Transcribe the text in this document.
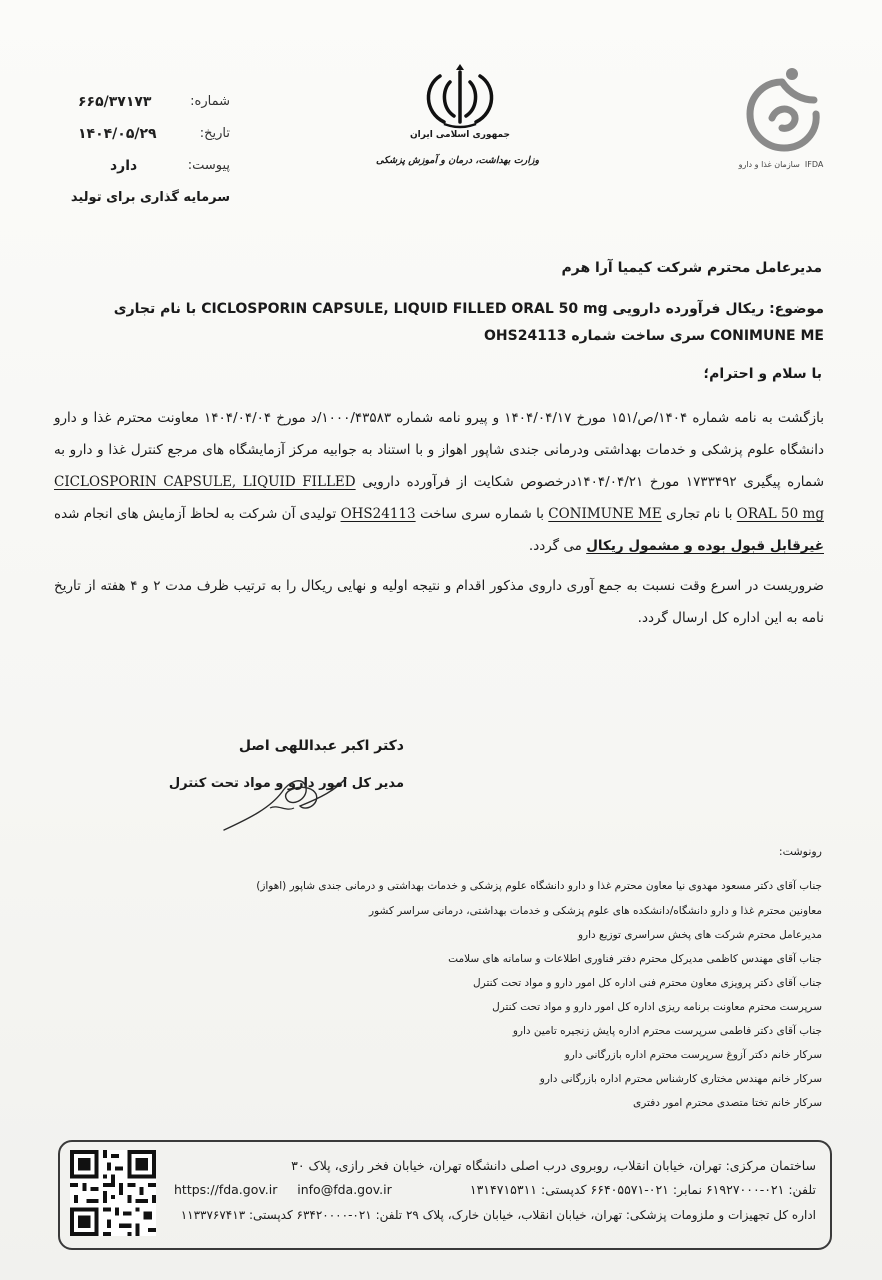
شماره:
۶۶۵/۳۷۱۷۳
تاریخ:
۱۴۰۴/۰۵/۲۹
پیوست:
دارد
سرمایه گذاری برای تولید
جمهوری اسلامی ایران
وزارت بهداشت، درمان و آموزش پزشکی	سازمان غذا و دارو IFDA
مدیرعامل محترم شرکت کیمیا آرا هرم
موضوع: ریکال فرآورده دارویی CICLOSPORIN CAPSULE, LIQUID FILLED ORAL 50 mg با نام تجاری CONIMUNE ME سری ساخت شماره OHS24113
با سلام و احترام؛
بازگشت به نامه شماره ۱۴۰۴/ص/۱۵۱ مورخ ۱۴۰۴/۰۴/۱۷ و پیرو نامه شماره ۱۰۰۰/۴۳۵۸۳/د مورخ ۱۴۰۴/۰۴/۰۴ معاونت محترم غذا و دارو دانشگاه علوم پزشکی و خدمات بهداشتی ودرمانی جندی شاپور اهواز و با استناد به جوابیه مرکز آزمایشگاه های مرجع کنترل غذا و دارو به شماره پیگیری ۱۷۳۳۴۹۲ مورخ ۱۴۰۴/۰۴/۲۱درخصوص شکایت از فرآورده دارویی CICLOSPORIN CAPSULE, LIQUID FILLED ORAL 50 mg با نام تجاری CONIMUNE ME با شماره سری ساخت OHS24113 تولیدی آن شرکت به لحاظ آزمایش های انجام شده غیرقابل قبول بوده و مشمول ریکال می گردد.
ضروریست در اسرع وقت نسبت به جمع آوری داروی مذکور اقدام و نتیجه اولیه و نهایی ریکال را به ترتیب ظرف مدت ۲ و ۴ هفته از تاریخ نامه به این اداره کل ارسال گردد.
دکتر اکبر عبداللهی اصل
مدیر کل امور دارو و مواد تحت کنترل
رونوشت:
جناب آقای دکتر مسعود مهدوی نیا معاون محترم غذا و دارو دانشگاه علوم پزشکی و خدمات بهداشتی و درمانی جندی شاپور (اهواز)
معاونین محترم غذا و دارو دانشگاه/دانشکده های علوم پزشکی و خدمات بهداشتی، درمانی سراسر کشور
مدیرعامل محترم شرکت های پخش سراسری توزیع دارو
جناب آقای مهندس کاظمی مدیرکل محترم دفتر فناوری اطلاعات و سامانه های سلامت
جناب آقای دکتر پرویزی معاون محترم فنی اداره کل امور دارو و مواد تحت کنترل
سرپرست محترم معاونت برنامه ریزی اداره کل امور دارو و مواد تحت کنترل
جناب آقای دکتر فاطمی سرپرست محترم اداره پایش زنجیره تامین دارو
سرکار خانم دکتر آزوغ سرپرست محترم اداره بازرگانی دارو
سرکار خانم مهندس مختاری کارشناس محترم اداره بازرگانی دارو
سرکار خانم تختا متصدی محترم امور دفتری
ساختمان مرکزی: تهران، خیابان انقلاب، روبروی درب اصلی دانشگاه تهران، خیابان فخر رازی، پلاک ۳۰
تلفن: ۰۲۱-۶۱۹۲۷۰۰۰ نمابر: ۰۲۱-۶۶۴۰۵۵۷۱ کدپستی: ۱۳۱۴۷۱۵۳۱۱
https://fda.gov.ir info@fda.gov.ir
اداره کل تجهیزات و ملزومات پزشکی: تهران، خیابان انقلاب، خیابان خارک، پلاک ۲۹ تلفن: ۰۲۱-۶۳۴۲۰۰۰۰ کدپستی: ۱۱۳۳۷۶۷۴۱۳
